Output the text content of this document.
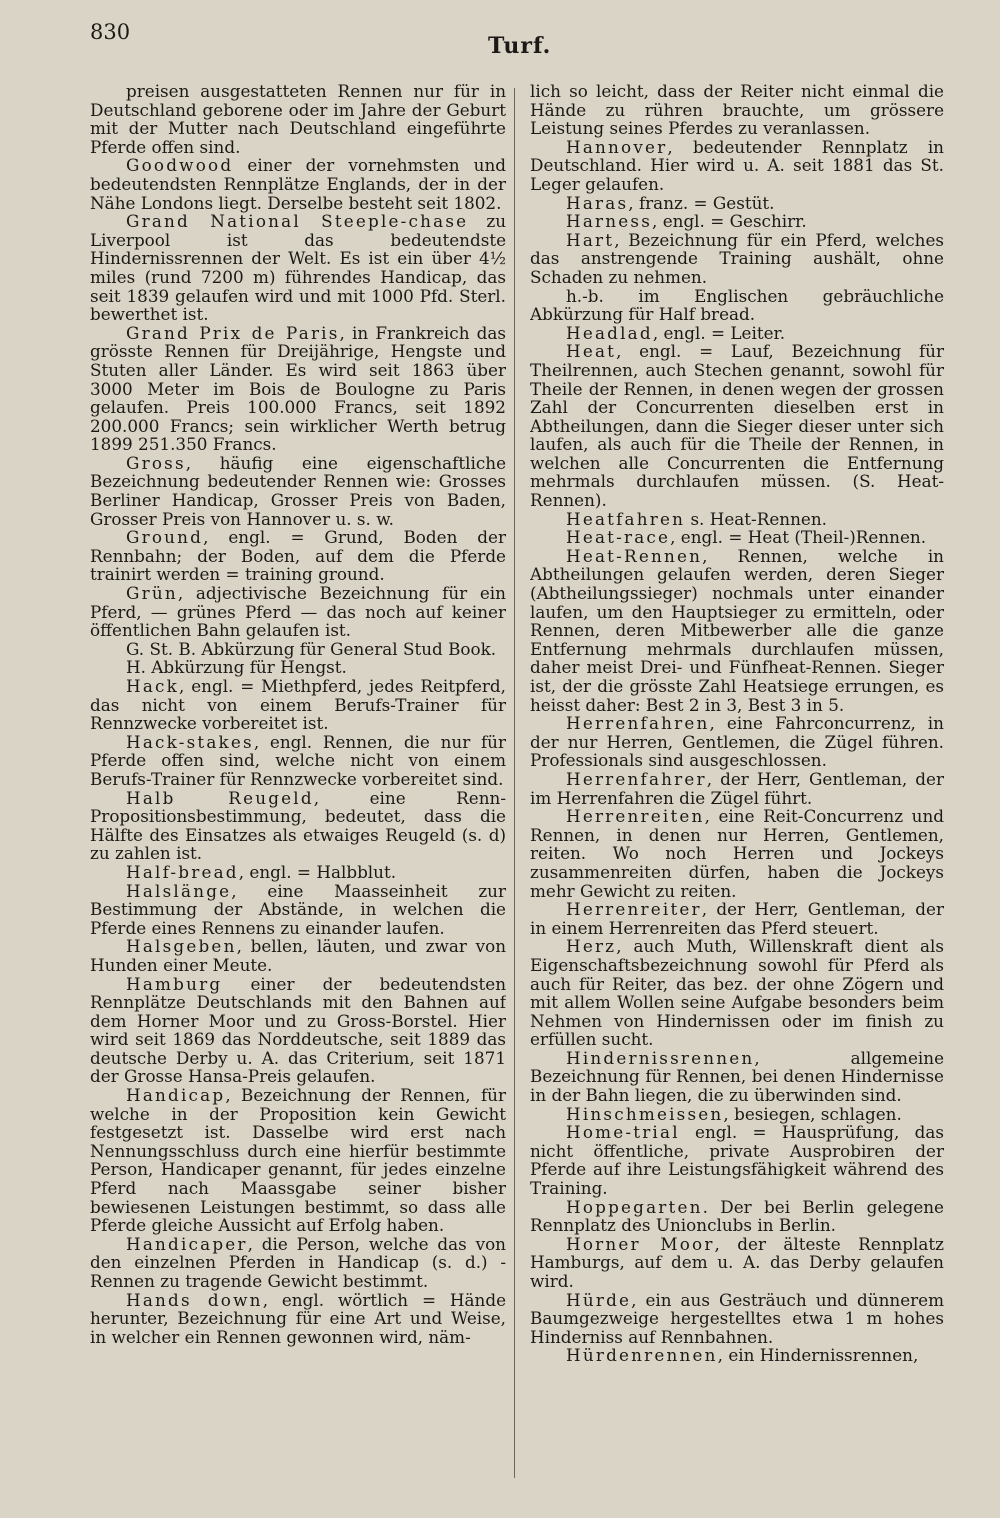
830
Turf.

preisen ausgestatteten Rennen nur für in Deutschland geborene oder im Jahre der Geburt mit der Mutter nach Deutschland eingeführte Pferde offen sind.

Goodwood einer der vornehmsten und bedeutendsten Rennplätze Englands, der in der Nähe Londons liegt. Derselbe besteht seit 1802.

Grand National Steeple-chase zu Liverpool ist das bedeutendste Hindernissrennen der Welt. Es ist ein über 4½ miles (rund 7200 m) führendes Handicap, das seit 1839 gelaufen wird und mit 1000 Pfd. Sterl. bewerthet ist.

Grand Prix de Paris, in Frankreich das grösste Rennen für Dreijährige, Hengste und Stuten aller Länder. Es wird seit 1863 über 3000 Meter im Bois de Boulogne zu Paris gelaufen. Preis 100.000 Francs, seit 1892 200.000 Francs; sein wirklicher Werth betrug 1899 251.350 Francs.

Gross, häufig eine eigenschaftliche Bezeichnung bedeutender Rennen wie: Grosses Berliner Handicap, Grosser Preis von Baden, Grosser Preis von Hannover u. s. w.

Ground, engl. = Grund, Boden der Rennbahn; der Boden, auf dem die Pferde trainirt werden = training ground.

Grün, adjectivische Bezeichnung für ein Pferd, — grünes Pferd — das noch auf keiner öffentlichen Bahn gelaufen ist.

G. St. B. Abkürzung für General Stud Book.

H. Abkürzung für Hengst.

Hack, engl. = Miethpferd, jedes Reitpferd, das nicht von einem Berufs-Trainer für Rennzwecke vorbereitet ist.

Hack-stakes, engl. Rennen, die nur für Pferde offen sind, welche nicht von einem Berufs-Trainer für Rennzwecke vorbereitet sind.

Halb Reugeld, eine Renn-Propositionsbestimmung, bedeutet, dass die Hälfte des Einsatzes als etwaiges Reugeld (s. d) zu zahlen ist.

Half-bread, engl. = Halbblut.

Halslänge, eine Maasseinheit zur Bestimmung der Abstände, in welchen die Pferde eines Rennens zu einander laufen.

Halsgeben, bellen, läuten, und zwar von Hunden einer Meute.

Hamburg einer der bedeutendsten Rennplätze Deutschlands mit den Bahnen auf dem Horner Moor und zu Gross-Borstel. Hier wird seit 1869 das Norddeutsche, seit 1889 das deutsche Derby u. A. das Criterium, seit 1871 der Grosse Hansa-Preis gelaufen.

Handicap, Bezeichnung der Rennen, für welche in der Proposition kein Gewicht festgesetzt ist. Dasselbe wird erst nach Nennungsschluss durch eine hierfür bestimmte Person, Handicaper genannt, für jedes einzelne Pferd nach Maassgabe seiner bisher bewiesenen Leistungen bestimmt, so dass alle Pferde gleiche Aussicht auf Erfolg haben.

Handicaper, die Person, welche das von den einzelnen Pferden in Handicap (s. d.) -Rennen zu tragende Gewicht bestimmt.

Hands down, engl. wörtlich = Hände herunter, Bezeichnung für eine Art und Weise, in welcher ein Rennen gewonnen wird, näm-

lich so leicht, dass der Reiter nicht einmal die Hände zu rühren brauchte, um grössere Leistung seines Pferdes zu veranlassen.

Hannover, bedeutender Rennplatz in Deutschland. Hier wird u. A. seit 1881 das St. Leger gelaufen.

Haras, franz. = Gestüt.

Harness, engl. = Geschirr.

Hart, Bezeichnung für ein Pferd, welches das anstrengende Training aushält, ohne Schaden zu nehmen.

h.-b. im Englischen gebräuchliche Abkürzung für Half bread.

Headlad, engl. = Leiter.

Heat, engl. = Lauf, Bezeichnung für Theilrennen, auch Stechen genannt, sowohl für Theile der Rennen, in denen wegen der grossen Zahl der Concurrenten dieselben erst in Abtheilungen, dann die Sieger dieser unter sich laufen, als auch für die Theile der Rennen, in welchen alle Concurrenten die Entfernung mehrmals durchlaufen müssen. (S. Heat-Rennen).

Heatfahren s. Heat-Rennen.

Heat-race, engl. = Heat (Theil-)Rennen.

Heat-Rennen, Rennen, welche in Abtheilungen gelaufen werden, deren Sieger (Abtheilungssieger) nochmals unter einander laufen, um den Hauptsieger zu ermitteln, oder Rennen, deren Mitbewerber alle die ganze Entfernung mehrmals durchlaufen müssen, daher meist Drei- und Fünfheat-Rennen. Sieger ist, der die grösste Zahl Heatsiege errungen, es heisst daher: Best 2 in 3, Best 3 in 5.

Herrenfahren, eine Fahrconcurrenz, in der nur Herren, Gentlemen, die Zügel führen. Professionals sind ausgeschlossen.

Herrenfahrer, der Herr, Gentleman, der im Herrenfahren die Zügel führt.

Herrenreiten, eine Reit-Concurrenz und Rennen, in denen nur Herren, Gentlemen, reiten. Wo noch Herren und Jockeys zusammenreiten dürfen, haben die Jockeys mehr Gewicht zu reiten.

Herrenreiter, der Herr, Gentleman, der in einem Herrenreiten das Pferd steuert.

Herz, auch Muth, Willenskraft dient als Eigenschaftsbezeichnung sowohl für Pferd als auch für Reiter, das bez. der ohne Zögern und mit allem Wollen seine Aufgabe besonders beim Nehmen von Hindernissen oder im finish zu erfüllen sucht.

Hindernissrennen, allgemeine Bezeichnung für Rennen, bei denen Hindernisse in der Bahn liegen, die zu überwinden sind.

Hinschmeissen, besiegen, schlagen.

Home-trial engl. = Hausprüfung, das nicht öffentliche, private Ausprobiren der Pferde auf ihre Leistungsfähigkeit während des Training.

Hoppegarten. Der bei Berlin gelegene Rennplatz des Unionclubs in Berlin.

Horner Moor, der älteste Rennplatz Hamburgs, auf dem u. A. das Derby gelaufen wird.

Hürde, ein aus Gesträuch und dünnerem Baumgezweige hergestelltes etwa 1 m hohes Hinderniss auf Rennbahnen.

Hürdenrennen, ein Hindernissrennen,
